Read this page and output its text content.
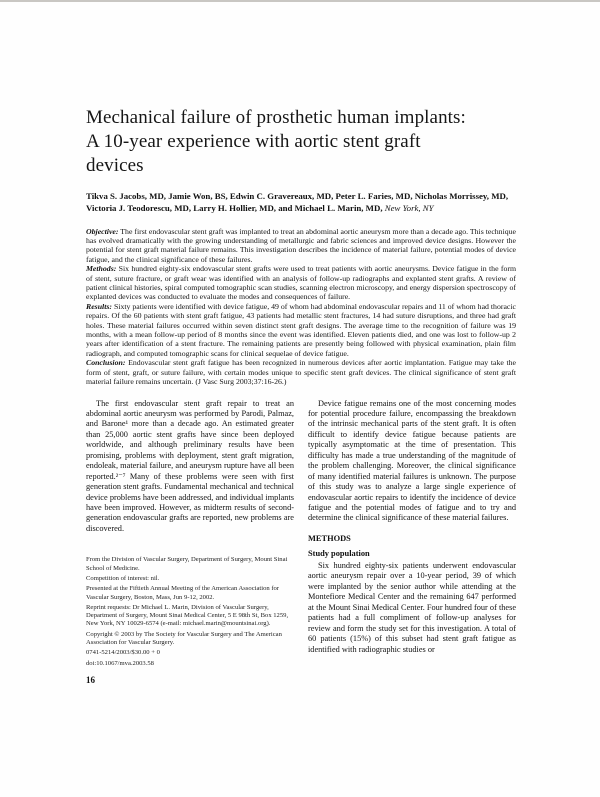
Mechanical failure of prosthetic human implants:
A 10-year experience with aortic stent graft
devices

Tikva S. Jacobs, MD, Jamie Won, BS, Edwin C. Gravereaux, MD, Peter L. Faries, MD, Nicholas Morrissey, MD, Victoria J. Teodorescu, MD, Larry H. Hollier, MD, and Michael L. Marin, MD, New York, NY

Objective: The first endovascular stent graft was implanted to treat an abdominal aortic aneurysm more than a decade ago. This technique has evolved dramatically with the growing understanding of metallurgic and fabric sciences and improved device designs. However the potential for stent graft material failure remains. This investigation describes the incidence of material failure, potential modes of device fatigue, and the clinical significance of these failures.

Methods: Six hundred eighty-six endovascular stent grafts were used to treat patients with aortic aneurysms. Device fatigue in the form of stent, suture fracture, or graft wear was identified with an analysis of follow-up radiographs and explanted stent grafts. A review of patient clinical histories, spiral computed tomographic scan studies, scanning electron microscopy, and energy dispersion spectroscopy of explanted devices was conducted to evaluate the modes and consequences of failure.

Results: Sixty patients were identified with device fatigue, 49 of whom had abdominal endovascular repairs and 11 of whom had thoracic repairs. Of the 60 patients with stent graft fatigue, 43 patients had metallic stent fractures, 14 had suture disruptions, and three had graft holes. These material failures occurred within seven distinct stent graft designs. The average time to the recognition of failure was 19 months, with a mean follow-up period of 8 months since the event was identified. Eleven patients died, and one was lost to follow-up 2 years after identification of a stent fracture. The remaining patients are presently being followed with physical examination, plain film radiograph, and computed tomographic scans for clinical sequelae of device fatigue.

Conclusion: Endovascular stent graft fatigue has been recognized in numerous devices after aortic implantation. Fatigue may take the form of stent, graft, or suture failure, with certain modes unique to specific stent graft devices. The clinical significance of stent graft material failure remains uncertain. (J Vasc Surg 2003;37:16-26.)

The first endovascular stent graft repair to treat an abdominal aortic aneurysm was performed by Parodi, Palmaz, and Barone¹ more than a decade ago. An estimated greater than 25,000 aortic stent grafts have since been deployed worldwide, and although preliminary results have been promising, problems with deployment, stent graft migration, endoleak, material failure, and aneurysm rupture have all been reported.²⁻⁷ Many of these problems were seen with first generation stent grafts. Fundamental mechanical and technical device problems have been addressed, and individual implants have been improved. However, as midterm results of second-generation endovascular grafts are reported, new problems are discovered.

From the Division of Vascular Surgery, Department of Surgery, Mount Sinai School of Medicine.

Competition of interest: nil.

Presented at the Fiftieth Annual Meeting of the American Association for Vascular Surgery, Boston, Mass, Jun 9-12, 2002.

Reprint requests: Dr Michael L. Marin, Division of Vascular Surgery, Department of Surgery, Mount Sinai Medical Center, 5 E 98th St, Box 1259, New York, NY 10029-6574 (e-mail: michael.marin@mountsinai.org).

Copyright © 2003 by The Society for Vascular Surgery and The American Association for Vascular Surgery.

0741-5214/2003/$30.00 + 0

doi:10.1067/mva.2003.58

16

Device fatigue remains one of the most concerning modes for potential procedure failure, encompassing the breakdown of the intrinsic mechanical parts of the stent graft. It is often difficult to identify device fatigue because patients are typically asymptomatic at the time of presentation. This difficulty has made a true understanding of the magnitude of the problem challenging. Moreover, the clinical significance of many identified material failures is unknown. The purpose of this study was to analyze a large single experience of endovascular aortic repairs to identify the incidence of device fatigue and the potential modes of fatigue and to try and determine the clinical significance of these material failures.

METHODS
Study population

Six hundred eighty-six patients underwent endovascular aortic aneurysm repair over a 10-year period, 39 of which were implanted by the senior author while attending at the Montefiore Medical Center and the remaining 647 performed at the Mount Sinai Medical Center. Four hundred four of these patients had a full compliment of follow-up analyses for review and form the study set for this investigation. A total of 60 patients (15%) of this subset had stent graft fatigue as identified with radiographic studies or
